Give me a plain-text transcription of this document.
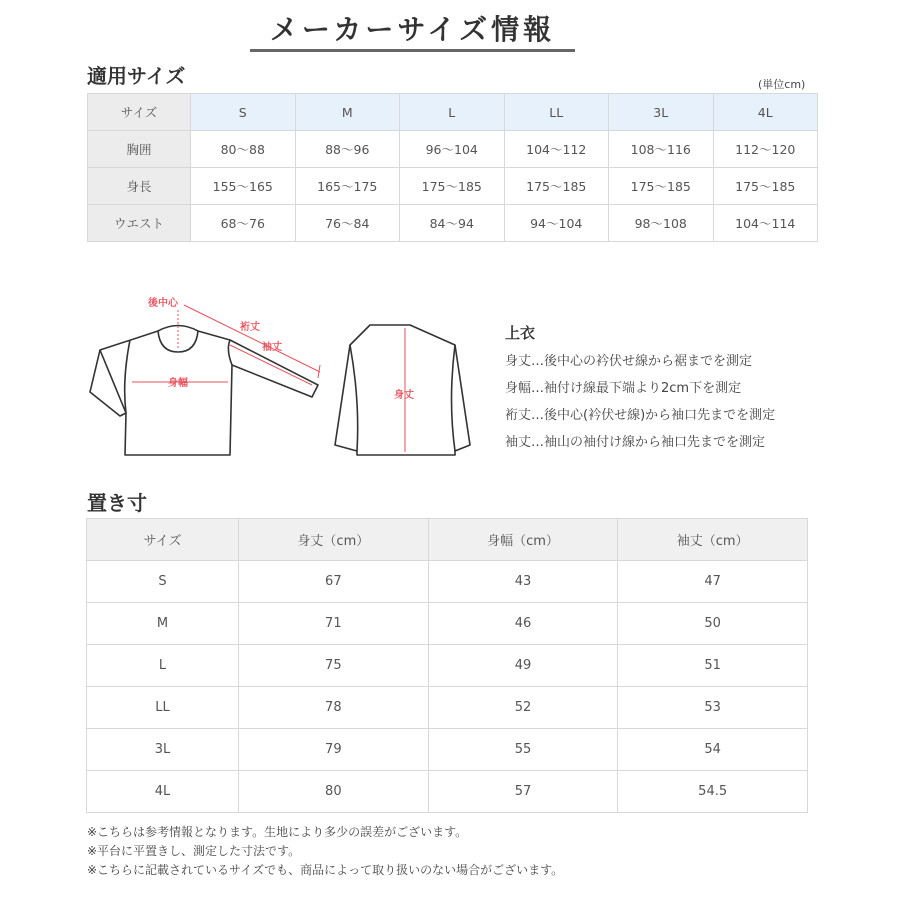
メーカーサイズ情報
適用サイズ	(単位cm)
サイズ	S	M	L	LL	3L	4L
胸囲	80〜88	88〜96	96〜104	104〜112	108〜116	112〜120
身長	155〜165	165〜175	175〜185	175〜185	175〜185	175〜185
ウエスト	68〜76	76〜84	84〜94	94〜104	98〜108	104〜114
後中心
裄丈
袖丈
身幅
身丈
上衣
身丈…後中心の衿伏せ線から裾までを測定
身幅…袖付け線最下端より2cm下を測定
裄丈…後中心(衿伏せ線)から袖口先までを測定
袖丈…袖山の袖付け線から袖口先までを測定
置き寸
サイズ	身丈（cm）	身幅（cm）	袖丈（cm）
S	67	43	47
M	71	46	50
L	75	49	51
LL	78	52	53
3L	79	55	54
4L	80	57	54.5
※こちらは参考情報となります。生地により多少の誤差がございます。
※平台に平置きし、測定した寸法です。
※こちらに記載されているサイズでも、商品によって取り扱いのない場合がございます。
